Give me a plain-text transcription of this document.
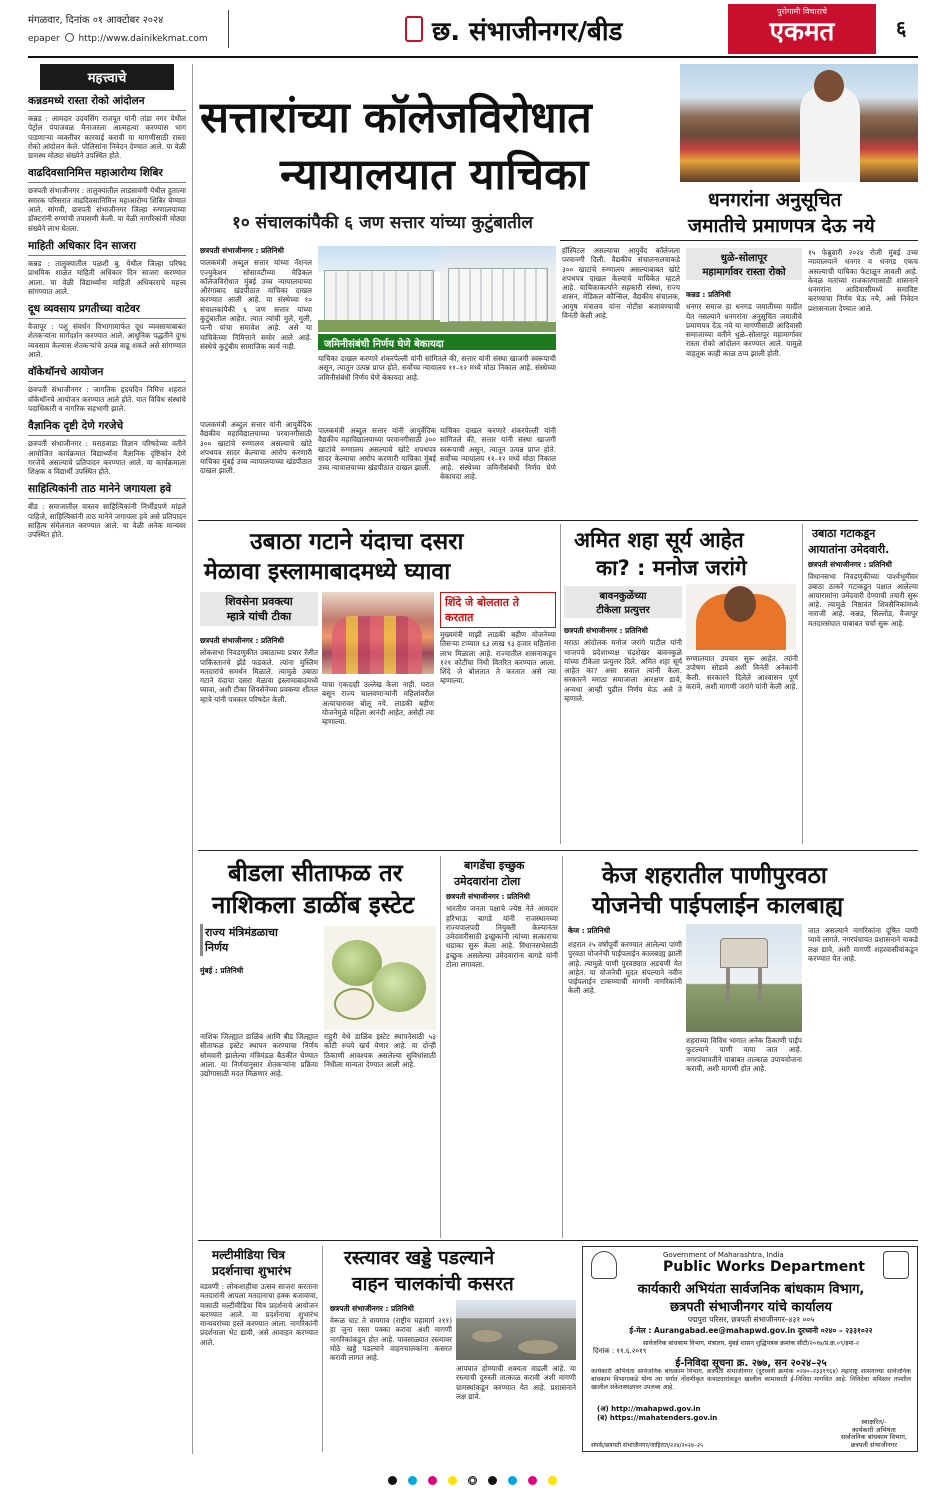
मंगळवार, दिनांक ०१ आक्टोबर २०२४
epaper http://www.dainikekmat.com	छ. संभाजीनगर/बीड
पुरोगामी विचाराचे
एकमत	६
महत्त्वाचे
कन्नडमध्ये रास्ता रोको आंदोलन
कन्नड : आमदार उदयसिंग राजपूत यांनी तांडा नगर येथील पेट्रोल पंपाजवळ मैनाजरला आत्महत्या करण्यास भाग पाडणाऱ्या व्यक्तींवर कारवाई करावी या मागणीसाठी रास्ता रोको आंदोलन केले. पोलिसांना निवेदन देण्यात आले. या वेळी ग्रामस्थ मोठ्या संख्येने उपस्थित होते.
वाढदिवसानिमित्त महाआरोग्य शिबिर
छत्रपती संभाजीनगर : तालुक्यातील लाडसावंगी येथील हुतात्मा स्मारक परिसरात वाढदिवसानिमित्त महाआरोग्य शिबिर घेण्यात आले. सांगवी, छत्रपती संभाजीनगर जिल्हा रुग्णालयाच्या डॉक्टरांनी रुग्णांची तपासणी केली. या वेळी नागरिकांनी मोठ्या संख्येने लाभ घेतला.
माहिती अधिकार दिन साजरा
कन्नड : तालुक्यातील पळशी बु. येथील जिल्हा परिषद प्राथमिक शाळेत माहिती अधिकार दिन साजरा करण्यात आला. या वेळी विद्यार्थ्यांना माहिती अधिकाराचे महत्त्व सांगण्यात आले.
दूध व्यवसाय प्रगतीच्या वाटेवर
वैजापूर : पशु संवर्धन विभागामार्फत दूध व्यवसायाबाबत शेतकऱ्यांना मार्गदर्शन करण्यात आले. आधुनिक पद्धतीने दुग्ध व्यवसाय केल्यास शेतकऱ्यांचे उत्पन्न वाढू शकते असे सांगण्यात आले.
वॉकेथॉनचे आयोजन
छत्रपती संभाजीनगर : जागतिक हृदयदिन निमित्त शहरात वॉकेथॉनचे आयोजन करण्यात आले होते. यात विविध संस्थांचे पदाधिकारी व नागरिक सहभागी झाले.
वैज्ञानिक दृष्टी देणे गरजेचे
छत्रपती संभाजीनगर : मराठवाडा विज्ञान परिषदेच्या वतीने आयोजित कार्यक्रमात विद्यार्थ्यांना वैज्ञानिक दृष्टिकोन देणे गरजेचे असल्याचे प्रतिपादन करण्यात आले. या कार्यक्रमाला शिक्षक व विद्यार्थी उपस्थित होते.
साहित्यिकांनी ताठ मानेने जगायला हवे
बीड : समाजातील वास्तव साहित्यिकांनी निर्भीडपणे मांडले पाहिजे, साहित्यिकांनी ताठ मानेने जगायला हवे असे प्रतिपादन साहित्य संमेलनात करण्यात आले. या वेळी अनेक मान्यवर उपस्थित होते.
सत्तारांच्या कॉलेजविरोधात
न्यायालयात याचिका
१० संचालकांपैकी ६ जण सत्तार यांच्या कुटुंबातील
धनगरांना अनुसूचित
जमातीचे प्रमाणपत्र देऊ नये
छत्रपती संभाजीनगर : प्रतिनिधी
पालकमंत्री अब्दुल सत्तार यांच्या नॅशनल एज्युकेशन सोसायटीच्या मेडिकल कॉलेजविरोधात मुंबई उच्च न्यायालयाच्या औरंगाबाद खंडपीठात याचिका दाखल करण्यात आली आहे. या संस्थेच्या १० संचालकांपैकी ६ जण सत्तार यांच्या कुटुंबातील आहेत. त्यात त्यांची मुले, मुली, पत्नी यांचा समावेश आहे. असे या याचिकेच्या निमित्ताने समोर आले आहे. संस्थेचे कुटुंबीय सामाजिक कार्य नाही.	जमिनीसंबंधी निर्णय घेणे बेकायदा
पालकमंत्री अब्दुल सत्तार यांनी आयुर्वेदिक वैद्यकीय महाविद्यालयाच्या परवानगीसाठी ३०० खाटांचे रुग्णालय असल्याचे खोटे शपथपत्र सादर केल्याचा आरोप करणारी याचिका मुंबई उच्च न्यायालयाच्या खंडपीठात दाखल झाली.
याचिका दाखल करणारे शंकरपेल्ली यांनी सांगितले की, सत्तार यांनी संस्था खाजगी स्वरूपाची असून, त्यातून उत्पन्न प्राप्त होते. सर्वोच्च न्यायालय ११–१२ मध्ये मोठा निकाल आहे. संस्थेच्या जमिनीसंबंधी निर्णय घेणे बेकायदा आहे.
पालकमंत्री अब्दुल सत्तार यांनी आयुर्वेदिक वैद्यकीय महाविद्यालयाच्या परवानगीसाठी ३०० खाटांचे रुग्णालय असल्याचे खोटे शपथपत्र सादर केल्याचा आरोप करणारी याचिका मुंबई उच्च न्यायालयाच्या खंडपीठात दाखल झाली.
याचिका दाखल करणारे शंकरपेल्ली यांनी सांगितले की, सत्तार यांनी संस्था खाजगी स्वरूपाची असून, त्यातून उत्पन्न प्राप्त होते. सर्वोच्च न्यायालय ११–१२ मध्ये मोठा निकाल आहे. संस्थेच्या जमिनीसंबंधी निर्णय घेणे बेकायदा आहे.
हॉस्पिटल असल्याचा आयुर्वेद कॉलेजला परवानगी दिली. वैद्यकीय संचालनालयाकडे ३०० खाटांचे रुग्णालय असल्याबाबत खोटे शपथपत्र दाखल केल्याचे याचिकेत म्हटले आहे. याचिकाकर्त्याने सहकारी संस्था, राज्य शासन, मेडिकल कौन्सिल, वैद्यकीय संचालक, आयुष मंत्रालय यांना नोटीस बजावण्याची विनंती केली आहे.
धुळे-सोलापूर
महामार्गावर रास्ता रोको
कन्नड : प्रतिनिधी
धनगर समाज हा धनगड जमातीच्या यादीत येत नसल्याने धनगरांना अनुसूचित जमातीचे प्रमाणपत्र देऊ नये या मागणीसाठी आदिवासी समाजाच्या वतीने धुळे–सोलापूर महामार्गावर रास्ता रोको आंदोलन करण्यात आले. यामुळे वाहतूक काही काळ ठप्प झाली होती.
१५ फेब्रुवारी २०२४ रोजी मुंबई उच्च न्यायालयाने धनगर व धनगड एकच असल्याची याचिका फेटाळून लावली आहे. केवळ मतांच्या राजकारणासाठी शासनाने धनगरांना आदिवासींमध्ये समाविष्ट करण्याचा निर्णय घेऊ नये, असे निवेदन प्रशासनाला देण्यात आले.
उबाठा गटाने यंदाचा दसरा
मेळावा इस्लामाबादमध्ये घ्यावा
शिवसेना प्रवक्त्या
म्हात्रे यांची टीका
शिंदे जे बोलतात ते
करतात
छत्रपती संभाजीनगर : प्रतिनिधी
लोकसभा निवडणुकीत उबाठाच्या प्रचार रॅलीत पाकिस्तानचे झेंडे फडकले. त्यांना मुस्लिम मतदारांचे समर्थन मिळाले. त्यामुळे उबाठा गटाने यंदाचा दसरा मेळावा इस्लामाबादमध्ये घ्यावा, अशी टीका शिवसेनेच्या प्रवक्त्या शीतल म्हात्रे यांनी पत्रकार परिषदेत केली.
याचा एकदाही उल्लेख केला नाही. घरात बसून राज्य चालवणाऱ्यांनी महिलांवरील अत्याचारावर बोलू नये. लाडकी बहीण योजनेमुळे महिला आनंदी आहेत, असेही त्या म्हणाल्या.
मुख्यमंत्री माझी लाडकी बहीण योजनेच्या तिसऱ्या टप्प्यात ६३ लाख ९३ हजार महिलांना लाभ मिळाला आहे. राज्यातील शासनाकडून १२१ कोटींचा निधी वितरित करण्यात आला. शिंदे जे बोलतात ते करतात असे त्या म्हणाल्या.
अमित शहा सूर्य आहेत
का? : मनोज जरांगे
बावनकुळेंच्या
टीकेला प्रत्युत्तर
छत्रपती संभाजीनगर : प्रतिनिधी
मराठा आंदोलक मनोज जरांगे पाटील यांनी भाजपचे प्रदेशाध्यक्ष चंद्रशेखर बावनकुळे यांच्या टीकेला प्रत्युत्तर दिले. अमित शहा सूर्य आहेत का? असा सवाल त्यांनी केला. सरकारने मराठा समाजाला आरक्षण द्यावे, अन्यथा आम्ही पुढील निर्णय घेऊ असे ते म्हणाले.
रुग्णालयात उपचार सुरू आहेत. त्यांनी उपोषण सोडावे अशी विनंती अनेकांनी केली. सरकारने दिलेले आश्वासन पूर्ण करावे, अशी मागणी जरांगे यांनी केली आहे.
उबाठा गटाकडून
आयातांना उमेदवारी.
छत्रपती संभाजीनगर : प्रतिनिधी
विधानसभा निवडणुकीच्या पार्श्वभूमीवर उबाठा ठाकरे गटाकडून पक्षात आलेल्या आयारामांना उमेदवारी देण्याची तयारी सुरू आहे. त्यामुळे निष्ठावंत शिवसैनिकांमध्ये नाराजी आहे. कन्नड, सिल्लोड, वैजापूर मतदारसंघात याबाबत चर्चा सुरू आहे.
बीडला सीताफळ तर
नाशिकला डाळींब इस्टेट
राज्य मंत्रिमंडळाचा
निर्णय
मुंबई : प्रतिनिधी
नाशिक जिल्ह्यात डाळिंब आणि बीड जिल्ह्यात सीताफळ इस्टेट स्थापन करण्याचा निर्णय सोमवारी झालेल्या मंत्रिमंडळ बैठकीत घेण्यात आला. या निर्णयानुसार शेतकऱ्यांना प्रक्रिया उद्योगासाठी मदत मिळणार आहे.
राहुरी येथे डाळिंब इस्टेट स्थापनेसाठी ५३ कोटी रुपये खर्च येणार आहे. या दोन्ही ठिकाणी आवश्यक असलेल्या सुविधांसाठी निधीला मान्यता देण्यात आली आहे.
बागडेंचा इच्छुक
उमेदवारांना टोला
छत्रपती संभाजीनगर : प्रतिनिधी
भारतीय जनता पक्षाचे ज्येष्ठ नेते आमदार हरिभाऊ बागडे यांनी राजस्थानच्या राज्यपालपदी नियुक्ती केल्यानंतर उमेदवारीसाठी इच्छुकांनी त्यांच्या सत्काराचा धडाका सुरू केला आहे. विधानसभेसाठी इच्छुक असलेल्या उमेदवारांना बागडे यांनी टोला लगावला.
केज शहरातील पाणीपुरवठा
योजनेची पाईपलाईन कालबाह्य
केज : प्रतिनिधी
शहरात २५ वर्षांपूर्वी करण्यात आलेल्या पाणी पुरवठा योजनेची पाईपलाईन कालबाह्य झाली आहे. त्यामुळे पाणी पुरवठ्यात अडचणी येत आहेत. या योजनेची मुदत संपल्याने नवीन पाईपलाईन टाकण्याची मागणी नागरिकांनी केली आहे.
शहराच्या विविध भागात अनेक ठिकाणी पाईप फुटल्याने पाणी वाया जात आहे. नगरपंचायतीने याबाबत तात्काळ उपाययोजना करावी, अशी मागणी होत आहे.
जात असल्याने नागरिकांना दूषित पाणी प्यावे लागते. नगरपंचायत प्रशासनाने याकडे लक्ष द्यावे, अशी मागणी शहरवासीयांकडून करण्यात येत आहे.
मल्टीमीडिया चित्र
प्रदर्शनाचा शुभारंभ
वडवणी : लोकशाहीचा उत्सव साजरा करताना मतदारांनी आपला मतदानाचा हक्क बजावावा, यासाठी मल्टीमीडिया चित्र प्रदर्शनाचे आयोजन करण्यात आले. या प्रदर्शनाचा शुभारंभ मान्यवरांच्या हस्ते करण्यात आला. नागरिकांनी प्रदर्शनाला भेट द्यावी, असे आवाहन करण्यात आले.
रस्त्यावर खड्डे पडल्याने
वाहन चालकांची कसरत
छत्रपती संभाजीनगर : प्रतिनिधी
वेरूळ घाट ते वायगाव (राष्ट्रीय महामार्ग २११) हा जुना रस्ता पक्का करावा अशी मागणी नागरिकांकडून होत आहे. पावसाळ्यात रस्त्यावर मोठे खड्डे पडल्याने वाहनचालकांना कसरत करावी लागत आहे.
आपघात होण्याची शक्यता वाढली आहे. या रस्त्याची दुरुस्ती तात्काळ करावी अशी मागणी ग्रामस्थांकडून करण्यात येत आहे. प्रशासनाने लक्ष द्यावे.
Government of Maharashtra, India
Public Works Department
कार्यकारी अभियंता सार्वजनिक बांधकाम विभाग,
छत्रपती संभाजीनगर यांचे कार्यालय
पद्मपुरा परिसर, छत्रपती संभाजीनगर–४३१ ००५
ई-मेल : Aurangabad.ee@mahapwd.gov.in दुरध्वनी ०२४० – २३३१०२२
सार्वजनिक बांधकाम विभाग, मंत्रालय, मुंबई शासन शुद्धिपत्रक क्रमांक सीटी/२०१७/प्र.क्र.०९/इमा-२
दिनांक : ११.६.२०१९
ई-निविदा सूचना क्र. २७७, सन २०२४–२५
कार्यकारी अभियंता सार्वजनिक बांधकाम विभाग, छत्रपती संभाजीनगर (दुरध्वनी क्रमांक ०२४०–२३३१९६४) महाराष्ट्र शासनाच्या सार्वजनिक बांधकाम विभागाकडे योग्य त्या वर्गात नोंदणीकृत कंत्राटदारांकडून खालील कामासाठी ई-निविदा मागवित आहे. निविदेचा सविस्तर तपशील खालील संकेतस्थळावर उपलब्ध आहे.
(अ) http://mahapwd.gov.in
(ब) https://mahatenders.gov.in	स्वाक्षरित/-
कार्यकारी अभियंता
सार्वजनिक बांधकाम विभाग,
छत्रपती संभाजीनगर
संपर्क/छत्रपती संभाजीनगर/जाहिरात/२२४/२०२४–२५
